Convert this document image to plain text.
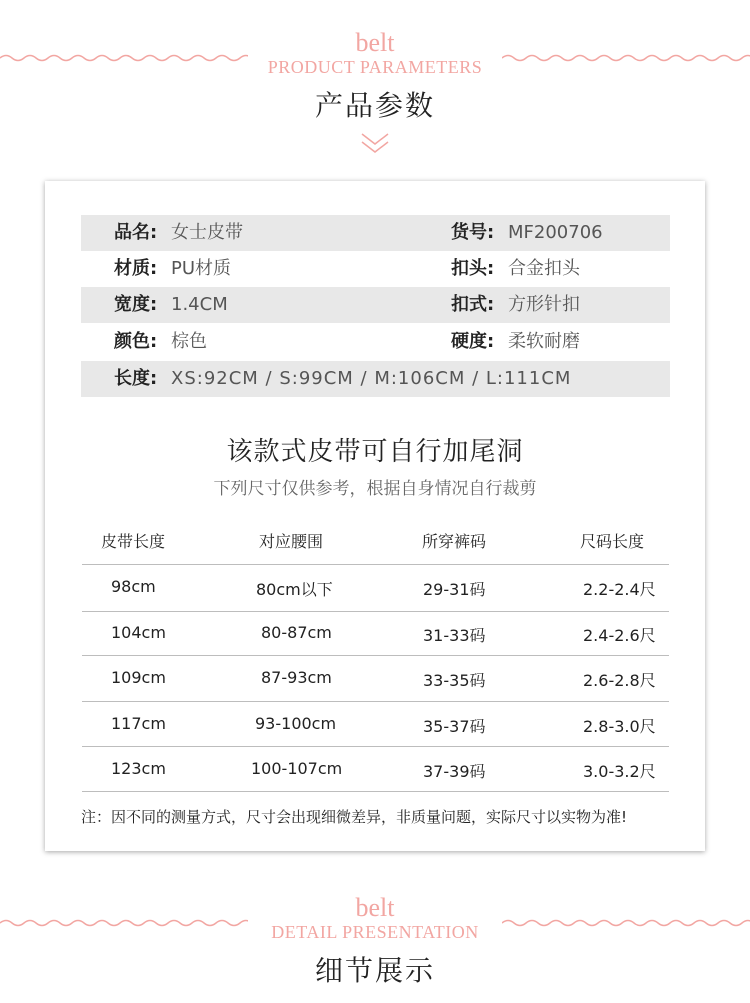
belt
PRODUCT PARAMETERS
产品参数
品名: 女士皮带	货号: MF200706
材质: PU材质	扣头: 合金扣头
宽度: 1.4CM	扣式: 方形针扣
颜色: 棕色	硬度: 柔软耐磨
长度: XS:92CM / S:99CM / M:106CM / L:111CM
该款式皮带可自行加尾洞
下列尺寸仅供参考，根据自身情况自行裁剪
皮带长度	对应腰围	所穿裤码	尺码长度
98cm	80cm以下	29-31码	2.2-2.4尺
104cm	80-87cm	31-33码	2.4-2.6尺
109cm	87-93cm	33-35码	2.6-2.8尺
117cm	93-100cm	35-37码	2.8-3.0尺
123cm	100-107cm	37-39码	3.0-3.2尺
注：因不同的测量方式，尺寸会出现细微差异，非质量问题，实际尺寸以实物为准!
belt
DETAIL PRESENTATION
细节展示
